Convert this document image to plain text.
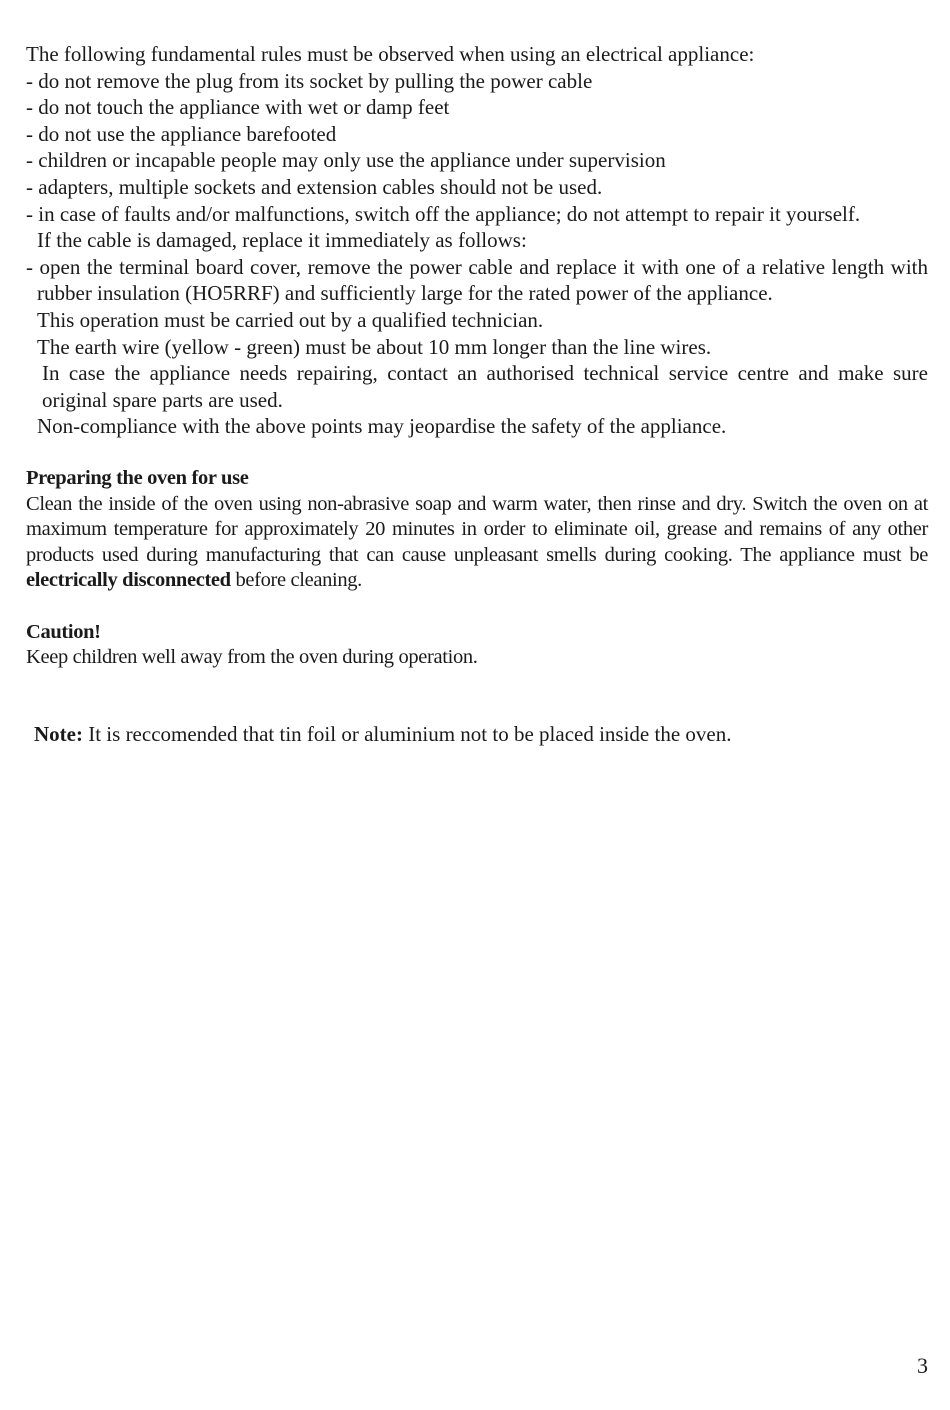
The following fundamental rules must be observed when using an electrical appliance:

- do not remove the plug from its socket by pulling the power cable
- do not touch the appliance with wet or damp feet
- do not use the appliance barefooted
- children or incapable people may only use the appliance under supervision
- adapters, multiple sockets and extension cables should not be used.
- in case of faults and/or malfunctions, switch off the appliance; do not attempt to repair it yourself.

If the cable is damaged, replace it immediately as follows:

- open the terminal board cover, remove the power cable and replace it with one of a relative length with rubber insulation (HO5RRF) and sufficiently large for the rated power of the appliance.

This operation must be carried out by a qualified technician.

The earth wire (yellow - green) must be about 10 mm longer than the line wires.

In case the appliance needs repairing, contact an authorised technical service centre and make sure original spare parts are used.

Non-compliance with the above points may jeopardise the safety of the appliance.

Preparing the oven for use

Clean the inside of the oven using non-abrasive soap and warm water, then rinse and dry. Switch the oven on at maximum temperature for approximately 20 minutes in order to eliminate oil, grease and remains of any other products used during manufacturing that can cause unpleasant smells during cooking. The appliance must be electrically disconnected before cleaning.

Caution!

Keep children well away from the oven during operation.

Note: It is reccomended that tin foil or aluminium not to be placed inside the oven.

3
